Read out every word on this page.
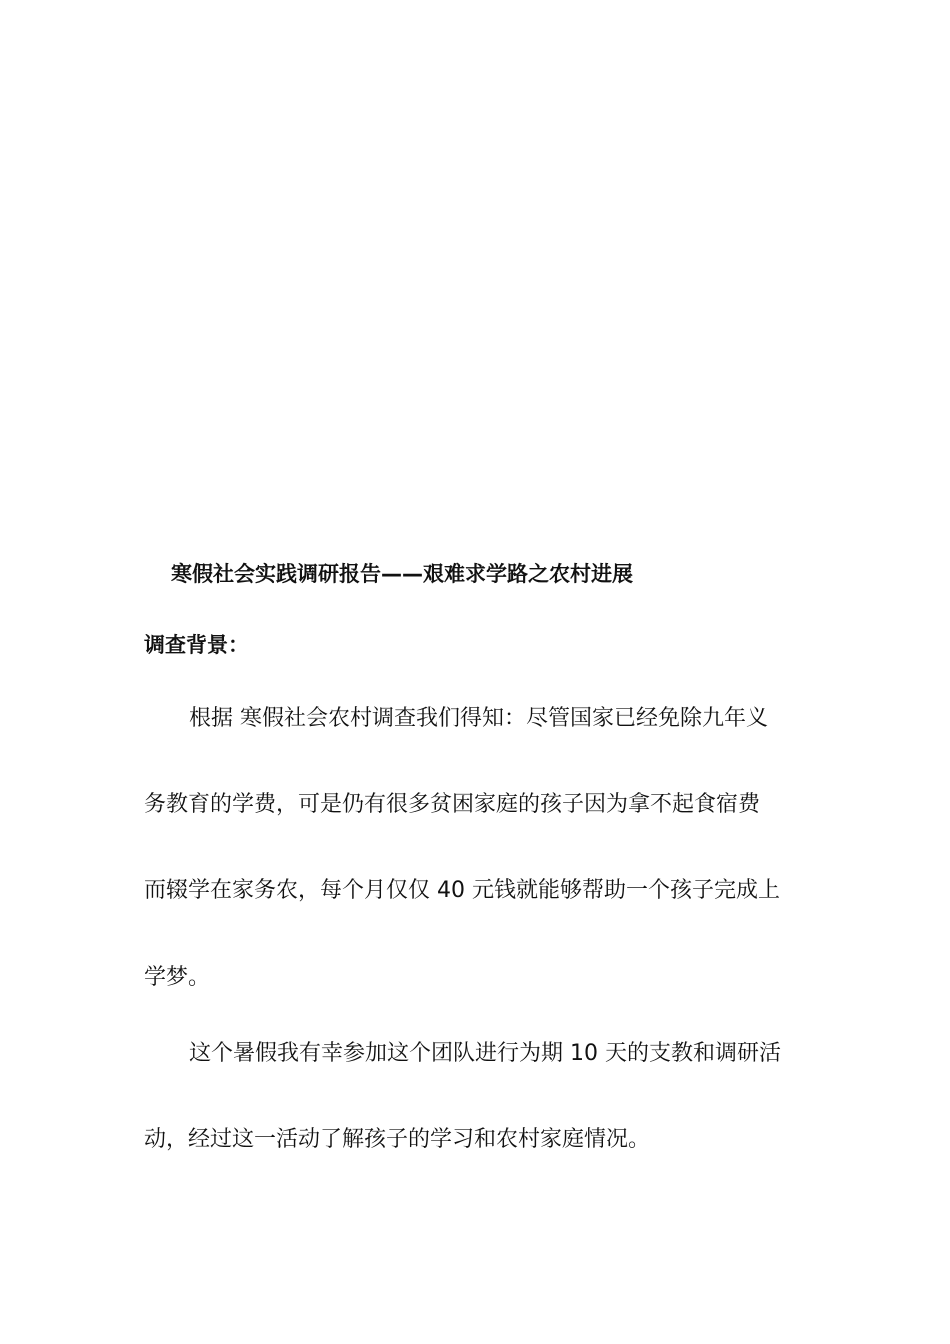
寒假社会实践调研报告——艰难求学路之农村进展
调查背景：
根据 寒假社会农村调查我们得知：尽管国家已经免除九年义
务教育的学费，可是仍有很多贫困家庭的孩子因为拿不起食宿费
而辍学在家务农，每个月仅仅 40 元钱就能够帮助一个孩子完成上
学梦。
这个暑假我有幸参加这个团队进行为期 10 天的支教和调研活
动，经过这一活动了解孩子的学习和农村家庭情况。
